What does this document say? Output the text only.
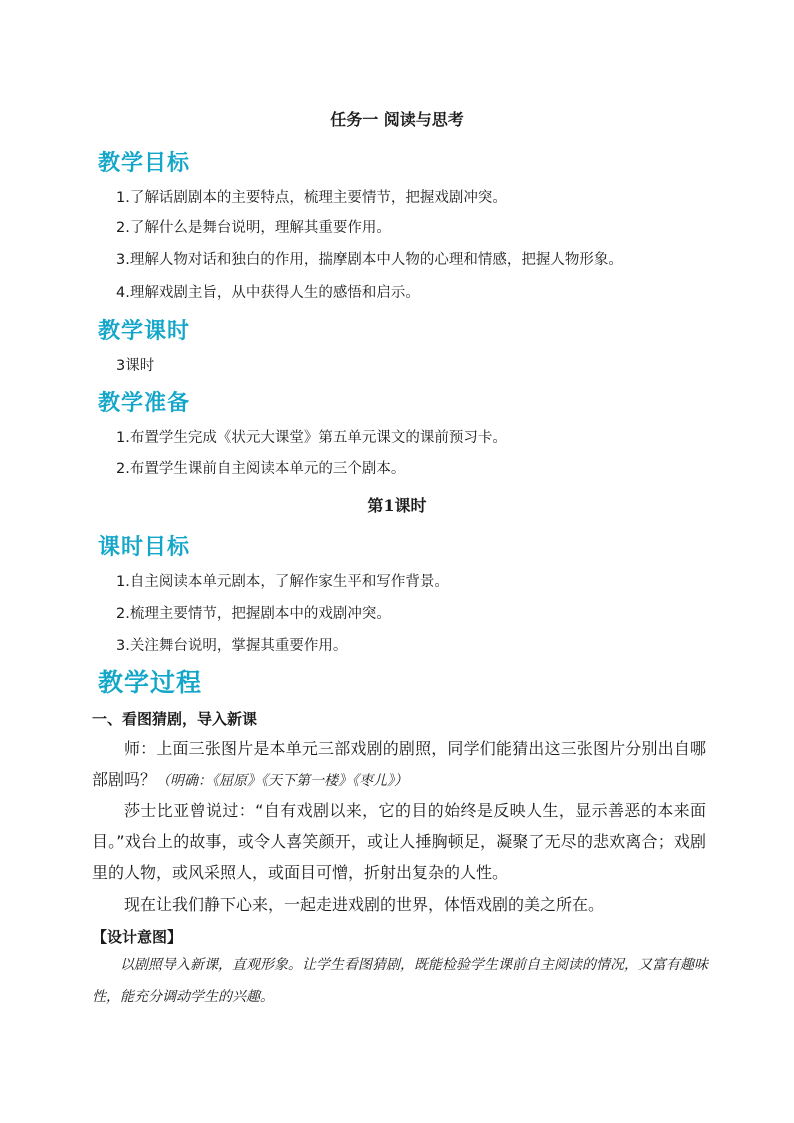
任务一 阅读与思考
教学目标
1.了解话剧剧本的主要特点，梳理主要情节，把握戏剧冲突。
2.了解什么是舞台说明，理解其重要作用。
3.理解人物对话和独白的作用，揣摩剧本中人物的心理和情感，把握人物形象。
4.理解戏剧主旨，从中获得人生的感悟和启示。
教学课时
3课时
教学准备
1.布置学生完成《状元大课堂》第五单元课文的课前预习卡。
2.布置学生课前自主阅读本单元的三个剧本。
第1课时
课时目标
1.自主阅读本单元剧本，了解作家生平和写作背景。
2.梳理主要情节，把握剧本中的戏剧冲突。
3.关注舞台说明，掌握其重要作用。
教学过程
一、看图猜剧，导入新课
师：上面三张图片是本单元三部戏剧的剧照，同学们能猜出这三张图片分别出自哪部剧吗？（明确：《屈原》《天下第一楼》《枣儿》）
莎士比亚曾说过：“自有戏剧以来，它的目的始终是反映人生，显示善恶的本来面目。”戏台上的故事，或令人喜笑颜开，或让人捶胸顿足，凝聚了无尽的悲欢离合；戏剧里的人物，或风采照人，或面目可憎，折射出复杂的人性。
现在让我们静下心来，一起走进戏剧的世界，体悟戏剧的美之所在。
【设计意图】
以剧照导入新课，直观形象。让学生看图猜剧，既能检验学生课前自主阅读的情况，又富有趣味性，能充分调动学生的兴趣。
